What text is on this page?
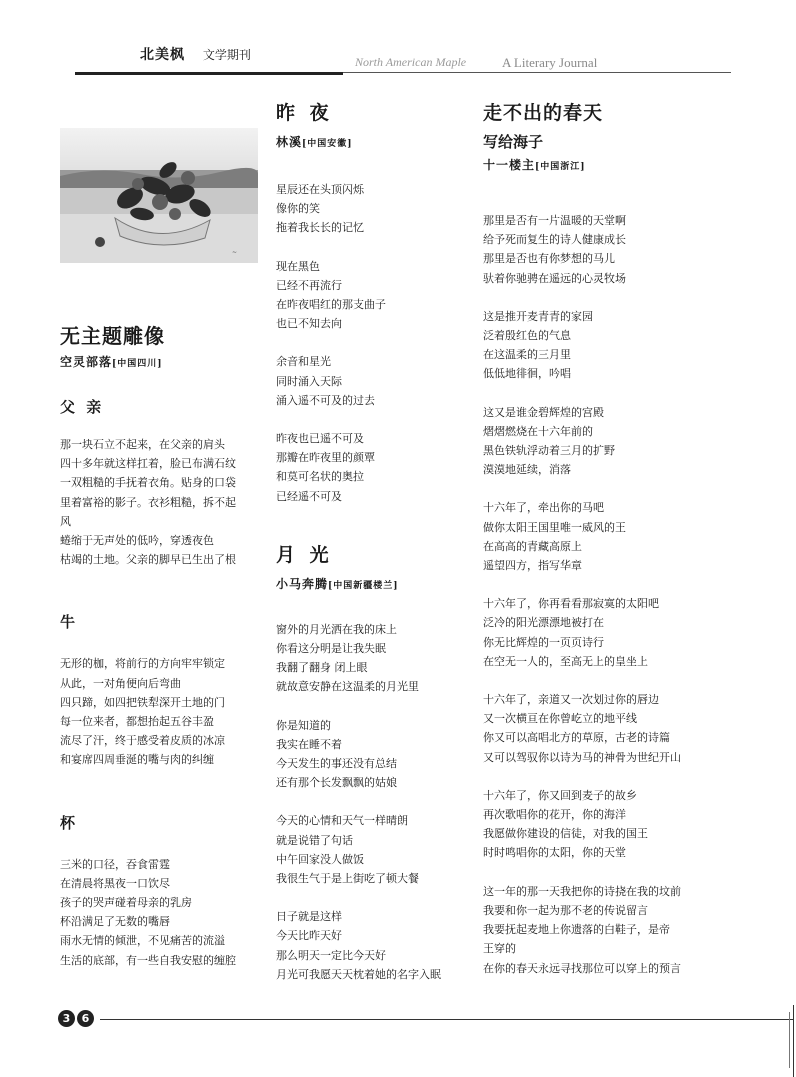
北美枫 文学期刊	North American Maple	A Literary Journal
~
无主题雕像
空灵部落[中国四川]
父 亲
那一块石立不起来，在父亲的肩头
四十多年就这样扛着，脸已布满石纹
一双粗糙的手抚着衣角。贴身的口袋
里着富裕的影子。衣衫粗糙，拆不起
风
蜷缩于无声处的低吟，穿透夜色
枯竭的土地。父亲的脚早已生出了根
牛
无形的枷，将前行的方向牢牢锁定
从此，一对角便向后弯曲
四只蹄，如四把铁犁深开土地的门
每一位来者，都想抬起五谷丰盈
流尽了汗，终于感受着皮质的冰凉
和宴席四周垂涎的嘴与肉的纠缠
杯
三米的口径，吞食雷霆
在清晨将黑夜一口饮尽
孩子的哭声碰着母亲的乳房
杯沿满足了无数的嘴唇
雨水无情的倾泄，不见痛苦的流溢
生活的底部，有一些自我安慰的缠腔
昨 夜
林溪[中国安徽]
星辰还在头顶闪烁
像你的笑
拖着我长长的记忆
现在黑色
已经不再流行
在昨夜唱红的那支曲子
也已不知去向
余音和星光
同时涌入天际
涌入遥不可及的过去
昨夜也已遥不可及
那瓣在昨夜里的颜覃
和莫可名状的奥拉
已经遥不可及
月 光
小马奔腾[中国新疆楼兰]
窗外的月光洒在我的床上
你看这分明是让我失眠
我翻了翻身 闭上眼
就故意安静在这温柔的月光里
你是知道的
我实在睡不着
今天发生的事还没有总结
还有那个长发飘飘的姑娘
今天的心情和天气一样晴朗
就是说错了句话
中午回家没人做饭
我很生气于是上街吃了顿大餐
日子就是这样
今天比昨天好
那么明天一定比今天好
月光可我愿天天枕着她的名字入眠
走不出的春天
写给海子
十一楼主[中国浙江]
那里是否有一片温暖的天堂啊
给予死而复生的诗人健康成长
那里是否也有你梦想的马儿
驮着你驰骋在遥远的心灵牧场
这是推开麦青青的家园
泛着殷红色的气息
在这温柔的三月里
低低地徘徊，吟唱
这又是谁金碧辉煌的宫殿
熠熠燃烧在十六年前的
黑色铁轨浮动着三月的扩野
漠漠地延续，消落
十六年了，牵出你的马吧
做你太阳王国里唯一威风的王
在高高的青藏高原上
遥望四方，指写华章
十六年了，你再看看那寂寞的太阳吧
泛冷的阳光漂漂地被打在
你无比辉煌的一页页诗行
在空无一人的，至高无上的皇坐上
十六年了，亲道又一次划过你的唇边
又一次横亘在你曾屹立的地平线
你又可以高唱北方的草原，古老的诗篇
又可以驾驭你以诗为马的神骨为世纪开山
十六年了，你又回到麦子的故乡
再次歌唱你的花开，你的海洋
我愿做你建设的信徒，对我的国王
时时鸣唱你的太阳，你的天堂
这一年的那一天我把你的诗挠在我的坟前
我要和你一起为那不老的传说留言
我要抚起麦地上你遗落的白鞋子，是帝
王穿的
在你的春天永远寻找那位可以穿上的预言
3	6
